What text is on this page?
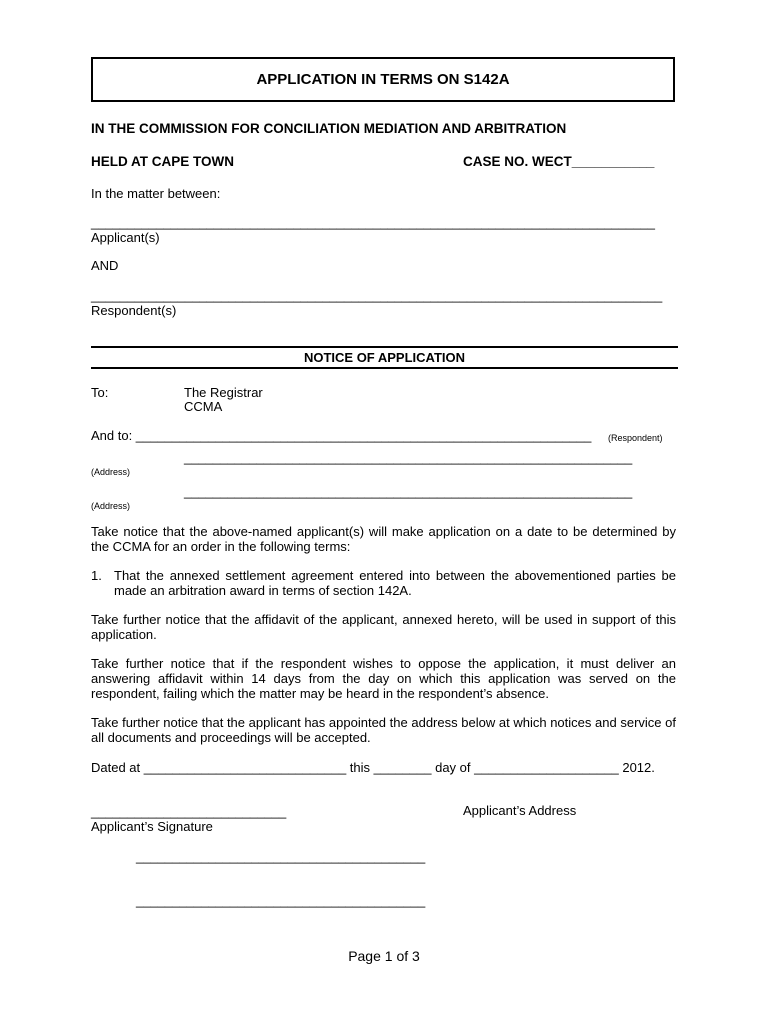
APPLICATION IN TERMS ON S142A
IN THE COMMISSION FOR CONCILIATION MEDIATION AND ARBITRATION
HELD AT CAPE TOWN	CASE NO. WECT___________
In the matter between:
______________________________________________________________________________
Applicant(s)
AND
_______________________________________________________________________________
Respondent(s)
NOTICE OF APPLICATION
To:	The Registrar
CCMA
And to: _______________________________________________________________ (Respondent)
______________________________________________________________
(Address)
______________________________________________________________
(Address)
Take notice that the above-named applicant(s) will make application on a date to be determined by the CCMA for an order in the following terms:
1. That the annexed settlement agreement entered into between the abovementioned parties be made an arbitration award in terms of section 142A.
Take further notice that the affidavit of the applicant, annexed hereto, will be used in support of this application.
Take further notice that if the respondent wishes to oppose the application, it must deliver an answering affidavit within 14 days from the day on which this application was served on the respondent, failing which the matter may be heard in the respondent’s absence.
Take further notice that the applicant has appointed the address below at which notices and service of all documents and proceedings will be accepted.
Dated at ____________________________ this ________ day of ____________________ 2012.
___________________________
Applicant’s Signature
Applicant’s Address
________________________________________
________________________________________
Page 1 of 3
